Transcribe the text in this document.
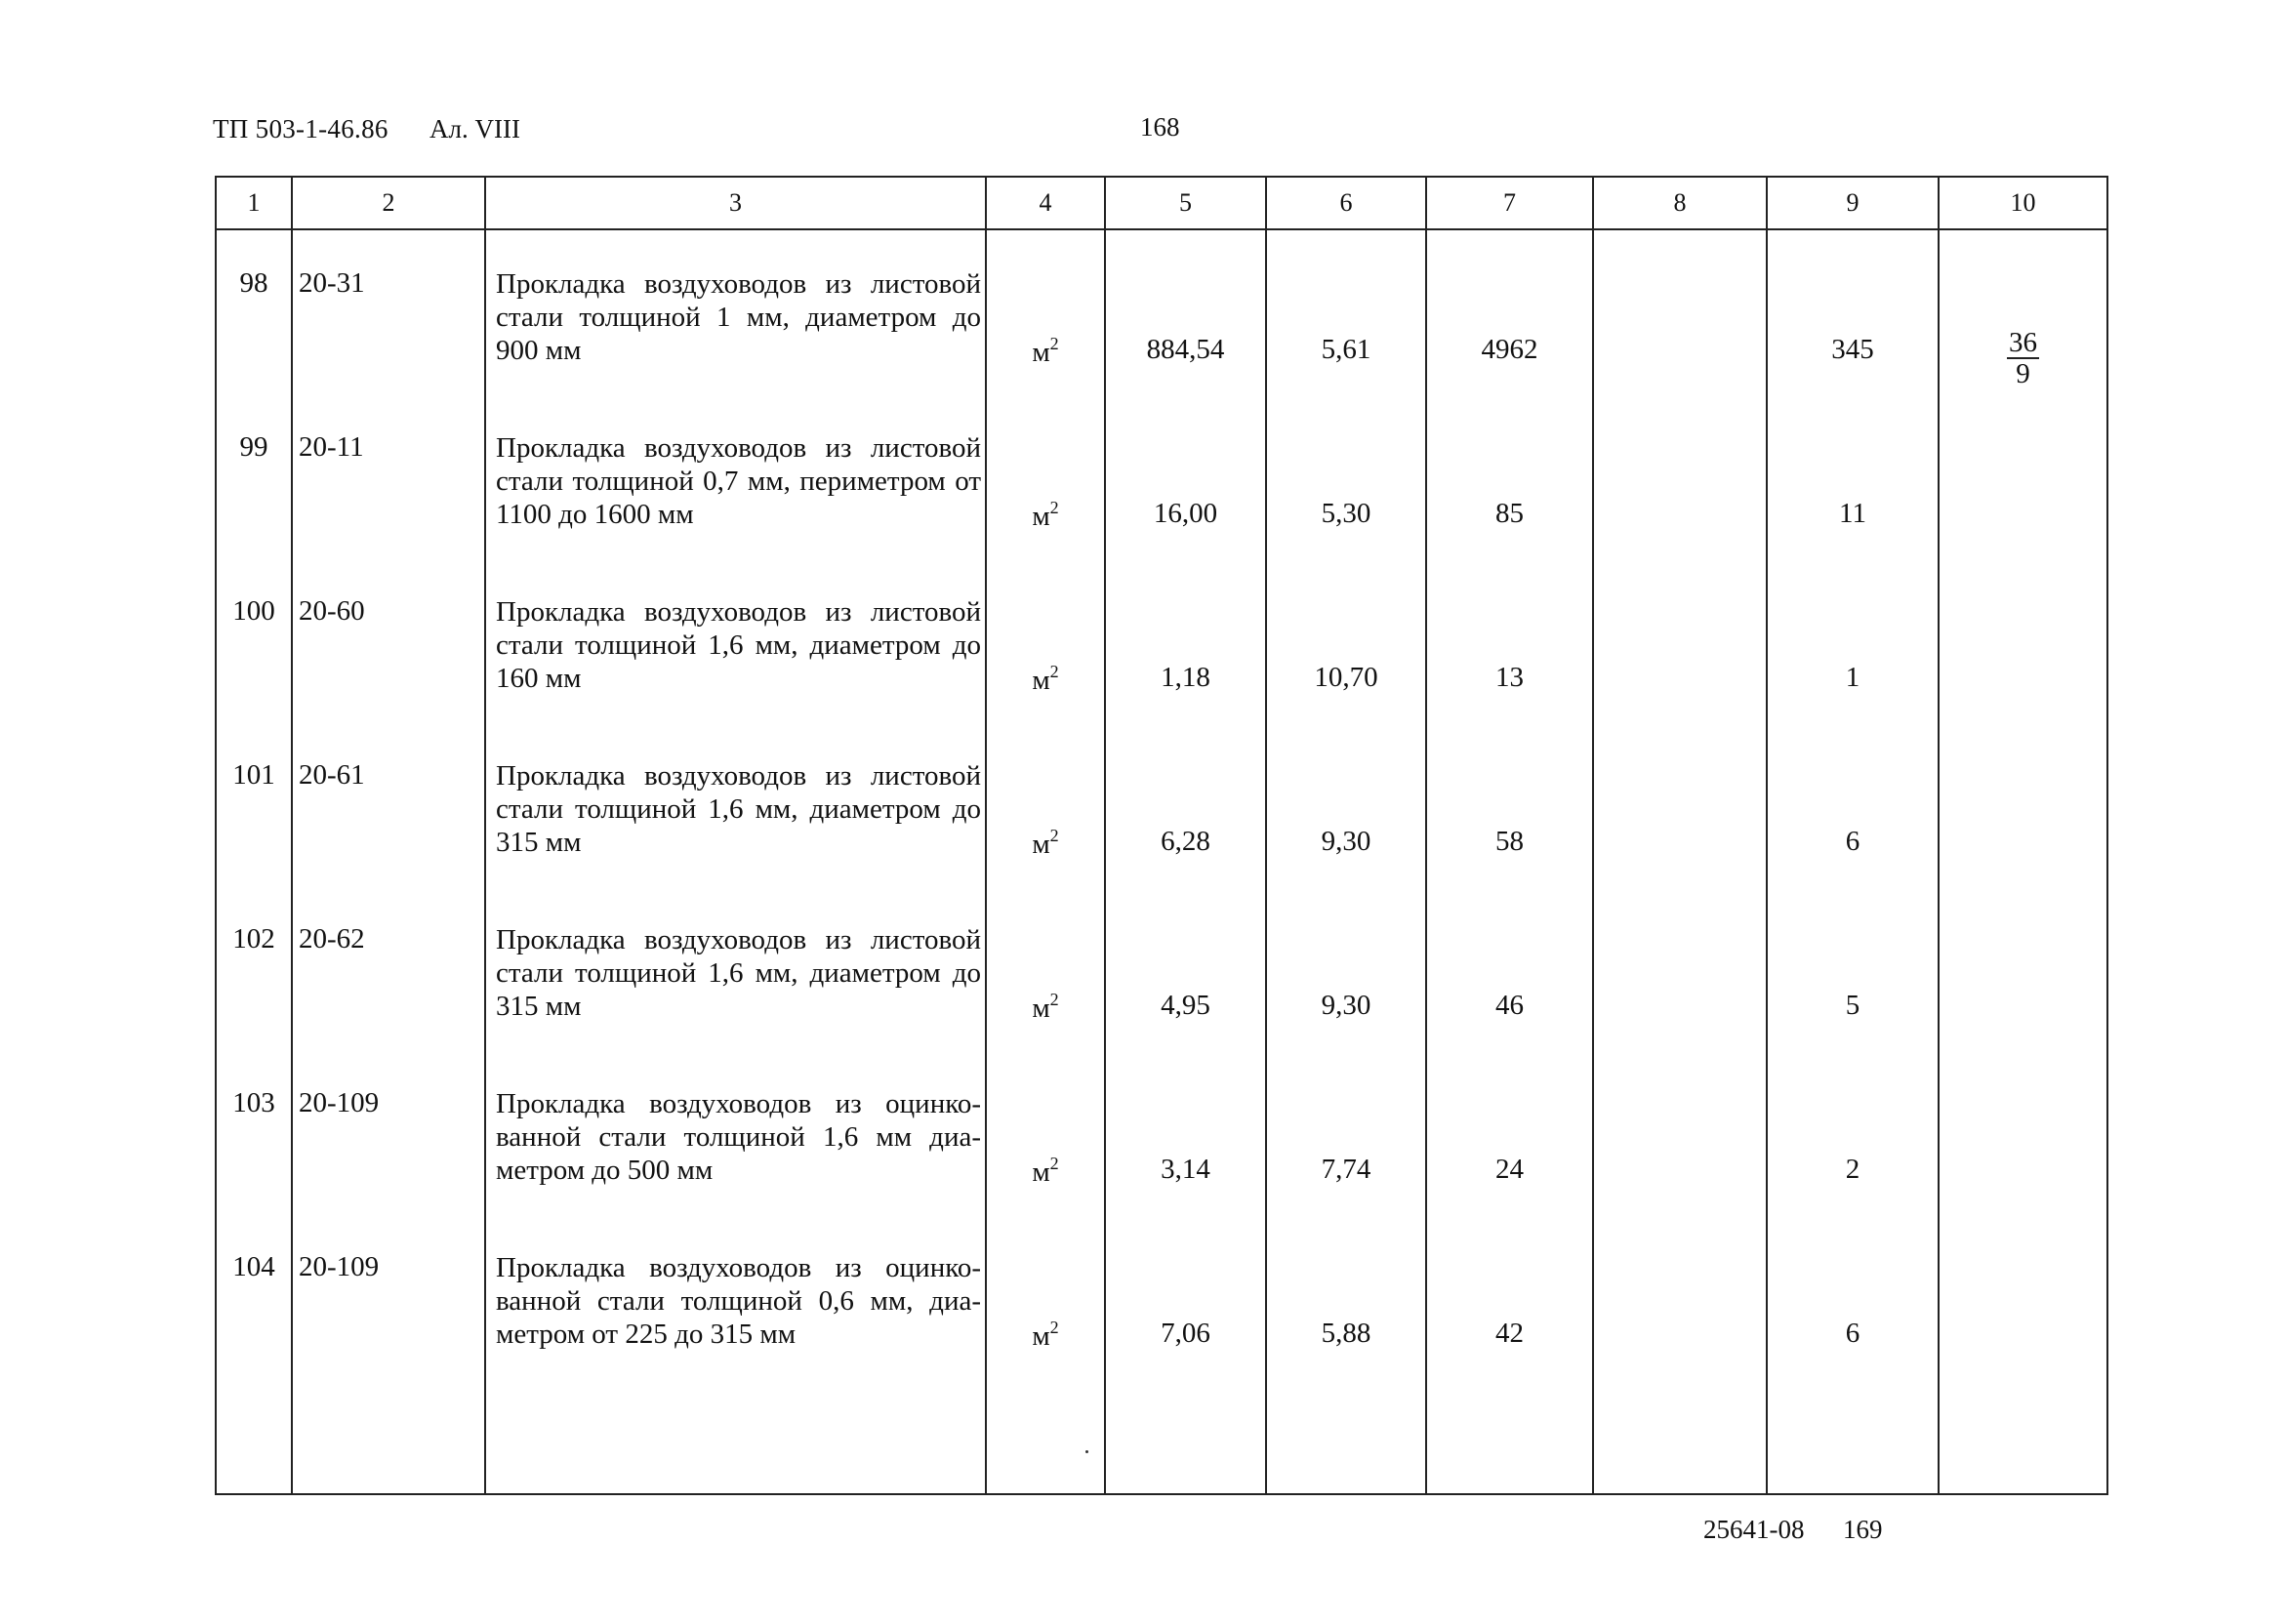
ТП 503-1-46.86 Ал. VIII	168
1	2	3	4	5	6	7	8	9	10

98	20-31	Прокладка воздуховодов из листовой стали толщиной 1 мм, диаметром до 900 мм	$м^2$	884,54	5,61	4962		345	$\frac{36}{9}$

99	20-11	Прокладка воздуховодов из листовой стали толщиной 0,7 мм, периметром от 1100 до 1600 мм	$м^2$	16,00	5,30	85		11	

100	20-60	Прокладка воздуховодов из листовой стали толщиной 1,6 мм, диаметром до 160 мм	$м^2$	1,18	10,70	13		1	

101	20-61	Прокладка воздуховодов из листовой стали толщиной 1,6 мм, диаметром до 315 мм	$м^2$	6,28	9,30	58		6	

102	20-62	Прокладка воздуховодов из листовой стали толщиной 1,6 мм, диаметром до 315 мм	$м^2$	4,95	9,30	46		5	

103	20-109	Прокладка воздуховодов из оцинко-ванной стали толщиной 1,6 мм диа-метром до 500 мм	$м^2$	3,14	7,74	24		2	

104	20-109	Прокладка воздуховодов из оцинко-ванной стали толщиной 0,6 мм, диа-метром от 225 до 315 мм	$м^2$	7,06	5,88	42		6	

25641-08 169
